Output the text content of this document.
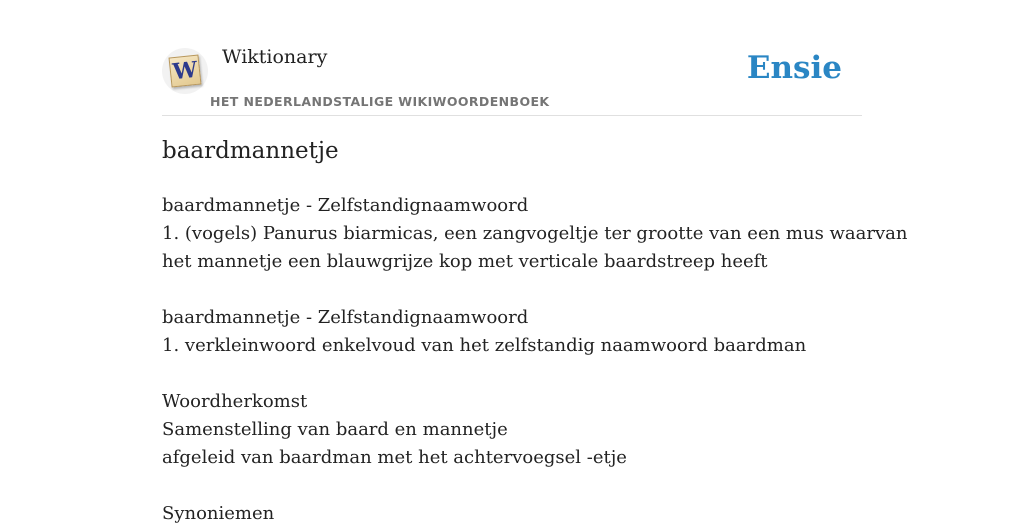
W Wiktionary
HET NEDERLANDSTALIGE WIKIWOORDENBOEK
Ensie
baardmannetje
baardmannetje - Zelfstandignaamwoord
1. (vogels) Panurus biarmicas, een zangvogeltje ter grootte van een mus waarvan
het mannetje een blauwgrijze kop met verticale baardstreep heeft
baardmannetje - Zelfstandignaamwoord
1. verkleinwoord enkelvoud van het zelfstandig naamwoord baardman
Woordherkomst
Samenstelling van baard en mannetje
afgeleid van baardman met het achtervoegsel -etje
Synoniemen
